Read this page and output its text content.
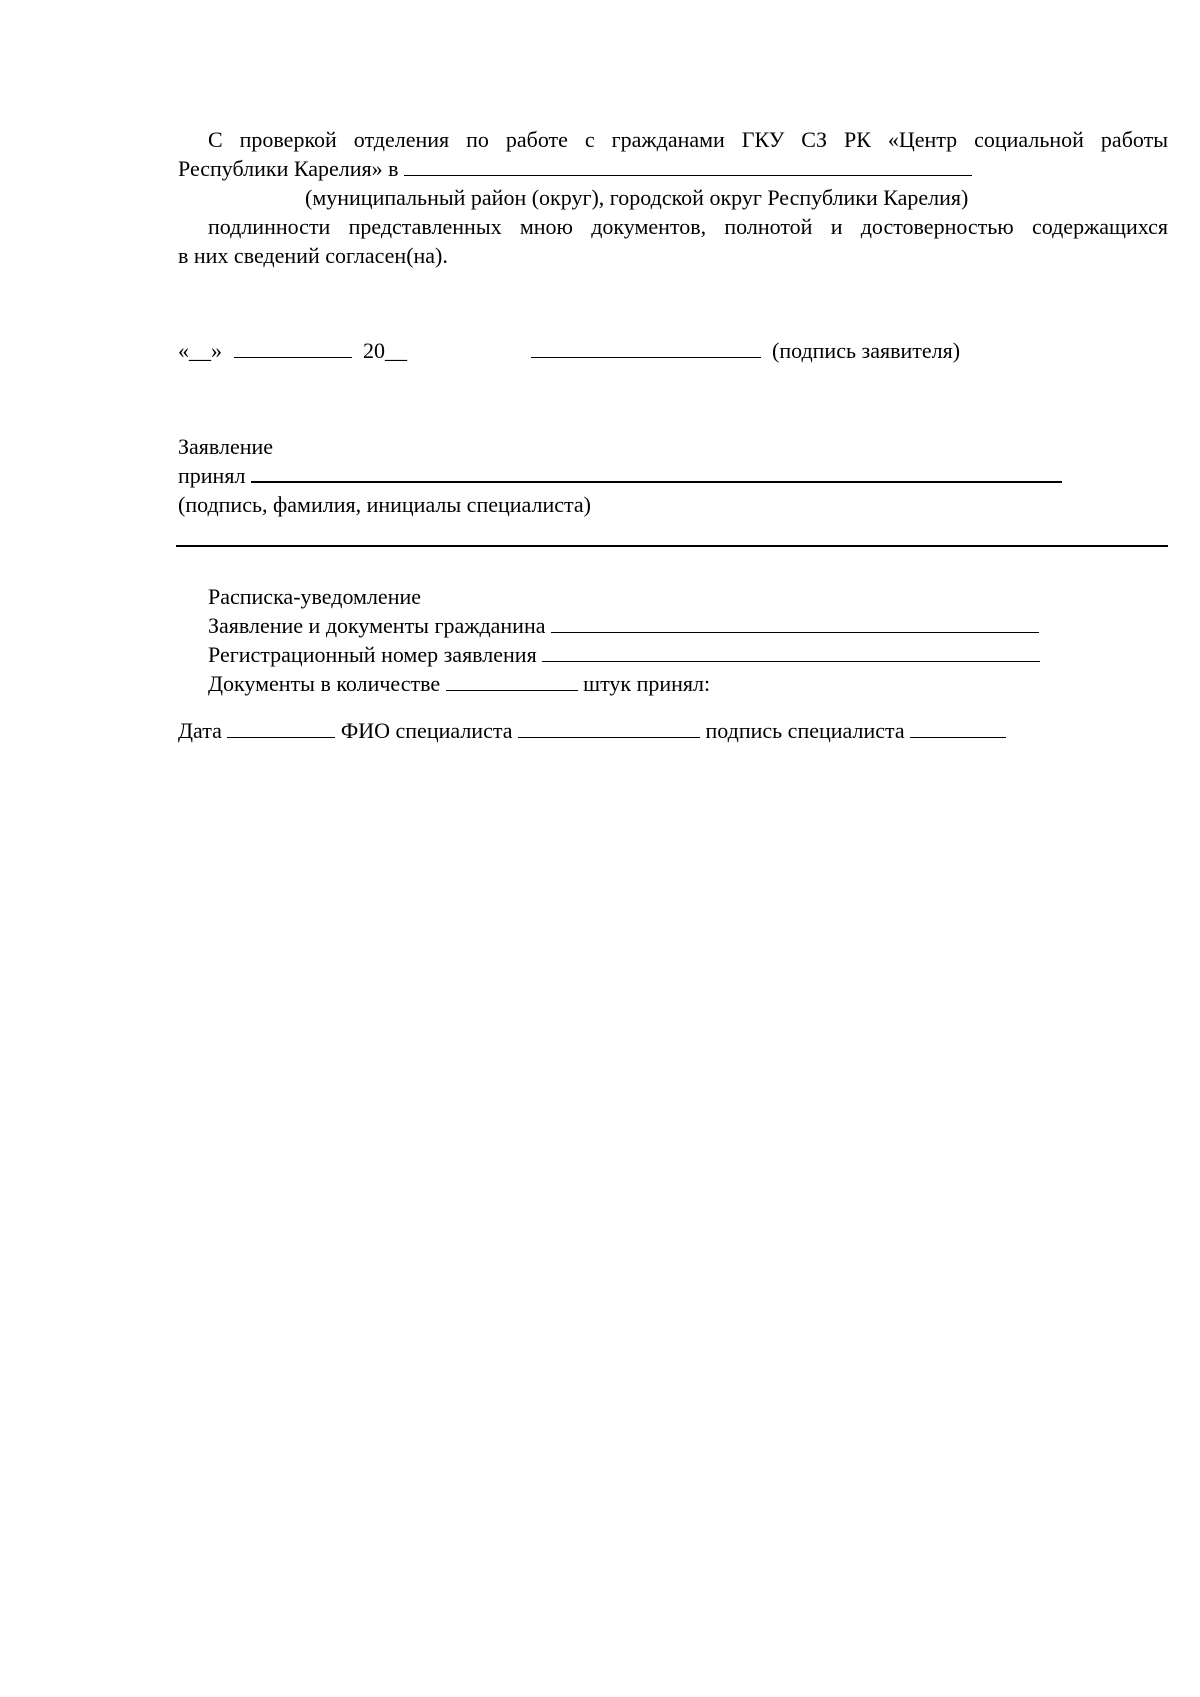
С проверкой отделения по работе с гражданами ГКУ СЗ РК «Центр социальной работы
Республики Карелия» в
(муниципальный район (округ), городской округ Республики Карелия)
подлинности представленных мною документов, полнотой и достоверностью содержащихся
в них сведений согласен(на).
«__»	20__	(подпись заявителя)
Заявление
принял
(подпись, фамилия, инициалы специалиста)
Расписка-уведомление
Заявление и документы гражданина
Регистрационный номер заявления
Документы в количестве	штук принял:
Дата	ФИО специалиста	подпись специалиста
